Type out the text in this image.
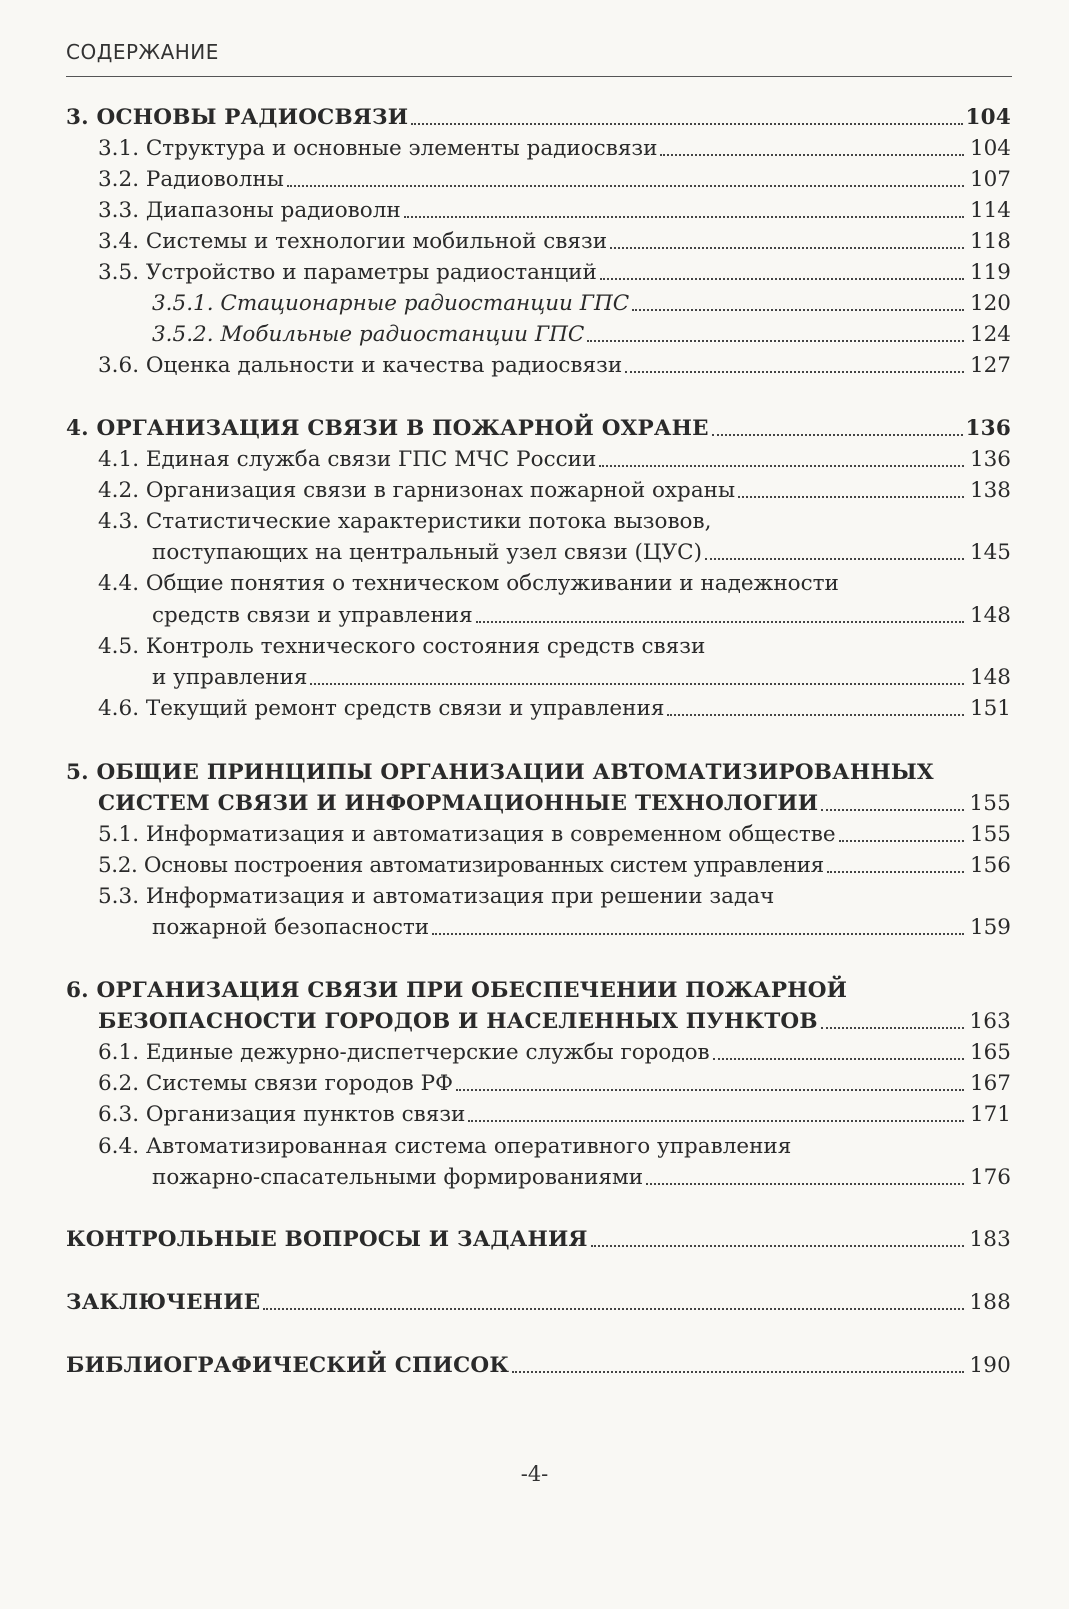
СОДЕРЖАНИЕ
3. ОСНОВЫ РАДИОСВЯЗИ	104
3.1. Структура и основные элементы радиосвязи	104
3.2. Радиоволны	107
3.3. Диапазоны радиоволн	114
3.4. Системы и технологии мобильной связи	118
3.5. Устройство и параметры радиостанций	119
3.5.1. Стационарные радиостанции ГПС	120
3.5.2. Мобильные радиостанции ГПС	124
3.6. Оценка дальности и качества радиосвязи	127
4. ОРГАНИЗАЦИЯ СВЯЗИ В ПОЖАРНОЙ ОХРАНЕ	136
4.1. Единая служба связи ГПС МЧС России	136
4.2. Организация связи в гарнизонах пожарной охраны	138
4.3. Статистические характеристики потока вызовов,
поступающих на центральный узел связи (ЦУС)	145
4.4. Общие понятия о техническом обслуживании и надежности
средств связи и управления	148
4.5. Контроль технического состояния средств связи
и управления	148
4.6. Текущий ремонт средств связи и управления	151
5. ОБЩИЕ ПРИНЦИПЫ ОРГАНИЗАЦИИ АВТОМАТИЗИРОВАННЫХ
СИСТЕМ СВЯЗИ И ИНФОРМАЦИОННЫЕ ТЕХНОЛОГИИ	155
5.1. Информатизация и автоматизация в современном обществе	155
5.2. Основы построения автоматизированных систем управления	156
5.3. Информатизация и автоматизация при решении задач
пожарной безопасности	159
6. ОРГАНИЗАЦИЯ СВЯЗИ ПРИ ОБЕСПЕЧЕНИИ ПОЖАРНОЙ
БЕЗОПАСНОСТИ ГОРОДОВ И НАСЕЛЕННЫХ ПУНКТОВ	163
6.1. Единые дежурно-диспетчерские службы городов	165
6.2. Системы связи городов РФ	167
6.3. Организация пунктов связи	171
6.4. Автоматизированная система оперативного управления
пожарно-спасательными формированиями	176
КОНТРОЛЬНЫЕ ВОПРОСЫ И ЗАДАНИЯ	183
ЗАКЛЮЧЕНИЕ	188
БИБЛИОГРАФИЧЕСКИЙ СПИСОК	190
-4-
